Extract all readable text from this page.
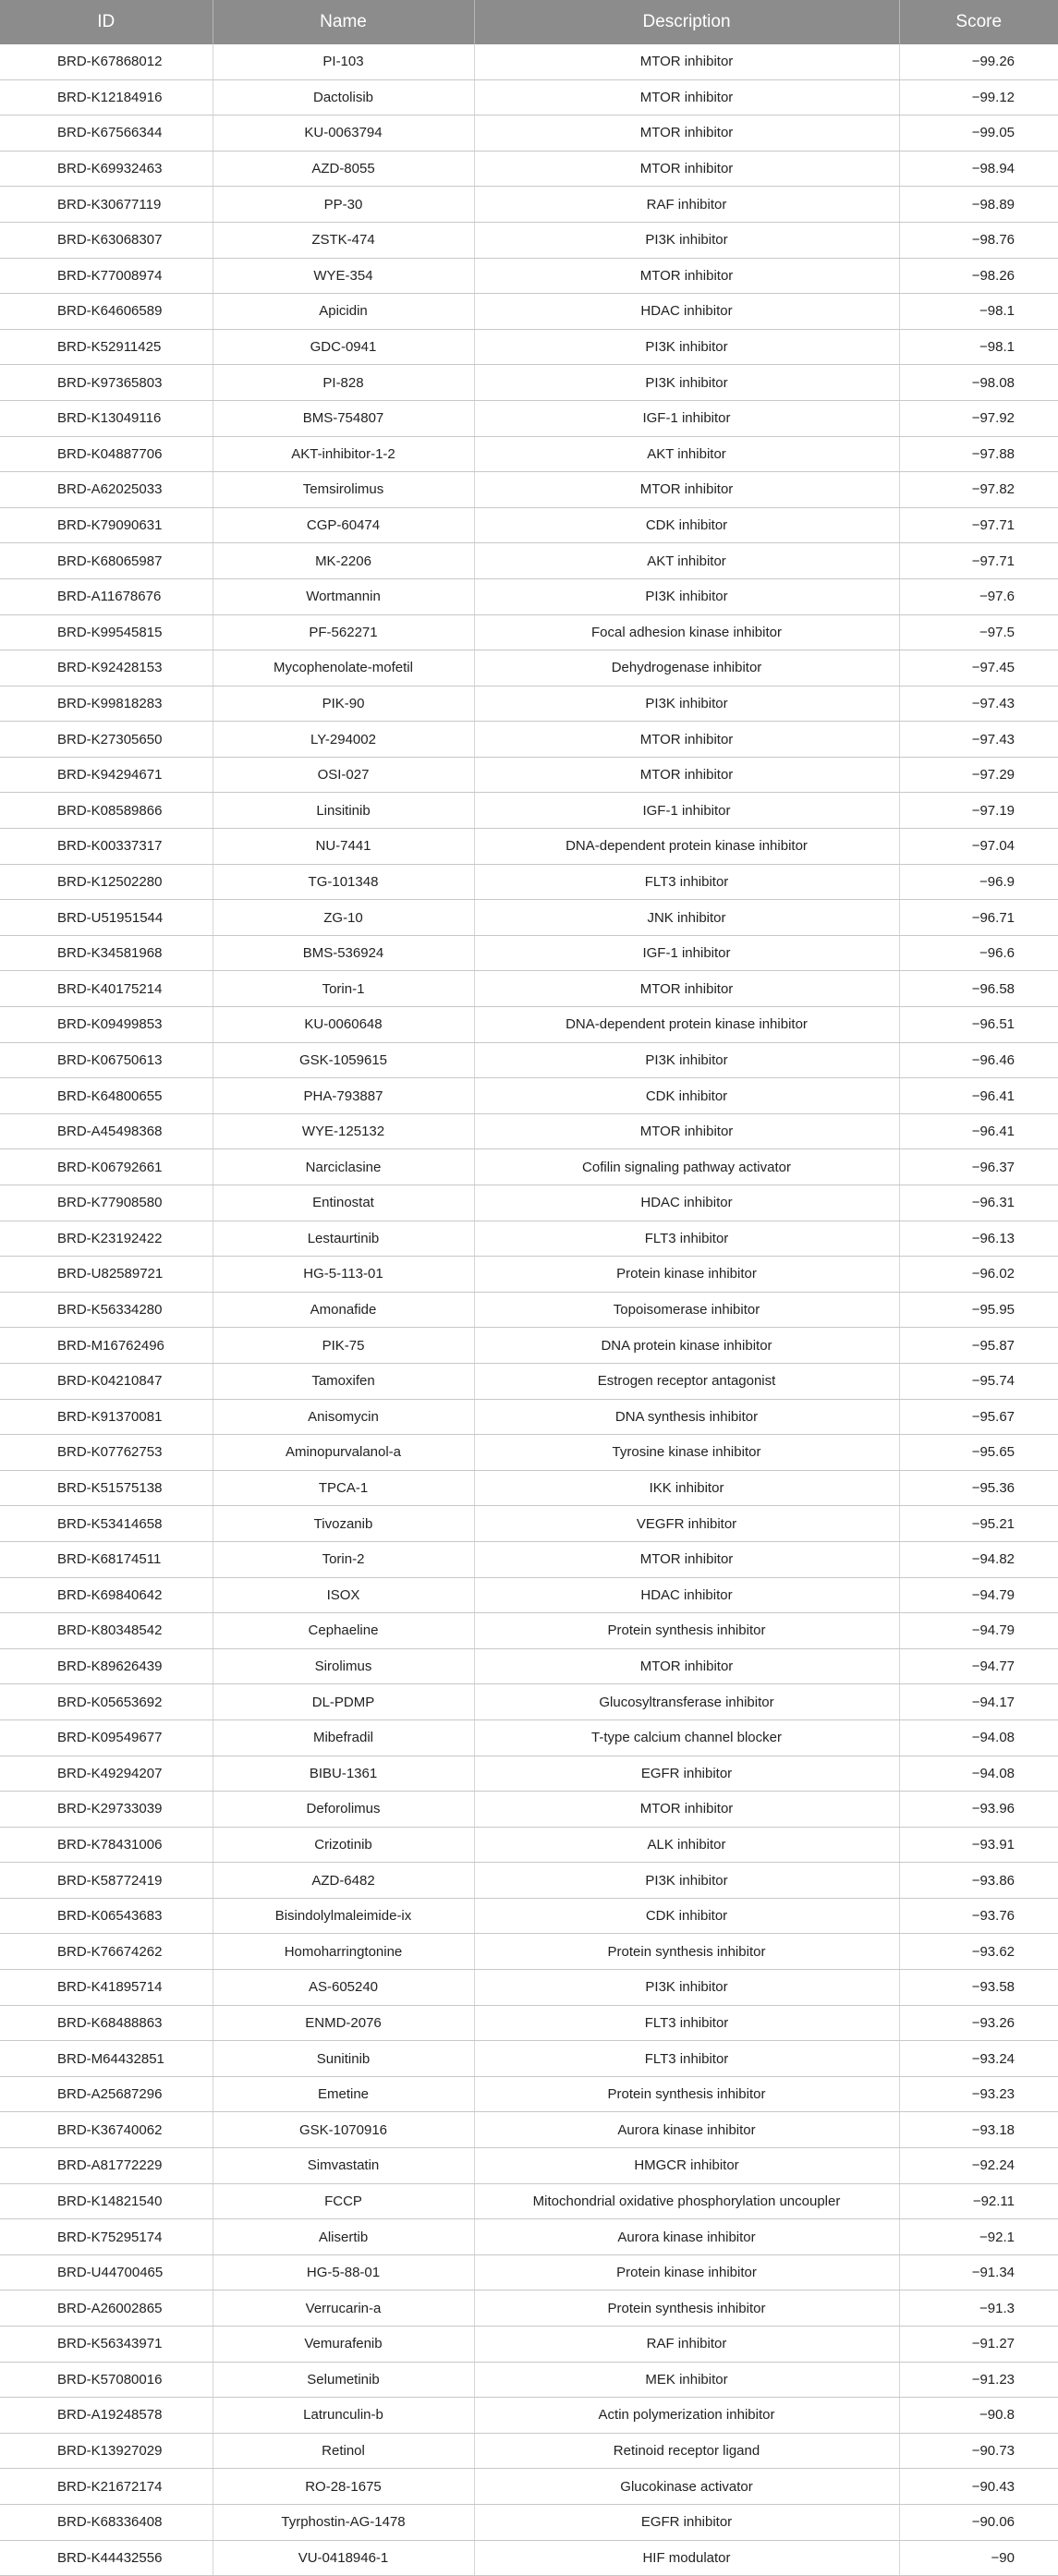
ID	Name	Description	Score
BRD-K67868012	PI-103	MTOR inhibitor	−99.26
BRD-K12184916	Dactolisib	MTOR inhibitor	−99.12
BRD-K67566344	KU-0063794	MTOR inhibitor	−99.05
BRD-K69932463	AZD-8055	MTOR inhibitor	−98.94
BRD-K30677119	PP-30	RAF inhibitor	−98.89
BRD-K63068307	ZSTK-474	PI3K inhibitor	−98.76
BRD-K77008974	WYE-354	MTOR inhibitor	−98.26
BRD-K64606589	Apicidin	HDAC inhibitor	−98.1
BRD-K52911425	GDC-0941	PI3K inhibitor	−98.1
BRD-K97365803	PI-828	PI3K inhibitor	−98.08
BRD-K13049116	BMS-754807	IGF-1 inhibitor	−97.92
BRD-K04887706	AKT-inhibitor-1-2	AKT inhibitor	−97.88
BRD-A62025033	Temsirolimus	MTOR inhibitor	−97.82
BRD-K79090631	CGP-60474	CDK inhibitor	−97.71
BRD-K68065987	MK-2206	AKT inhibitor	−97.71
BRD-A11678676	Wortmannin	PI3K inhibitor	−97.6
BRD-K99545815	PF-562271	Focal adhesion kinase inhibitor	−97.5
BRD-K92428153	Mycophenolate-mofetil	Dehydrogenase inhibitor	−97.45
BRD-K99818283	PIK-90	PI3K inhibitor	−97.43
BRD-K27305650	LY-294002	MTOR inhibitor	−97.43
BRD-K94294671	OSI-027	MTOR inhibitor	−97.29
BRD-K08589866	Linsitinib	IGF-1 inhibitor	−97.19
BRD-K00337317	NU-7441	DNA-dependent protein kinase inhibitor	−97.04
BRD-K12502280	TG-101348	FLT3 inhibitor	−96.9
BRD-U51951544	ZG-10	JNK inhibitor	−96.71
BRD-K34581968	BMS-536924	IGF-1 inhibitor	−96.6
BRD-K40175214	Torin-1	MTOR inhibitor	−96.58
BRD-K09499853	KU-0060648	DNA-dependent protein kinase inhibitor	−96.51
BRD-K06750613	GSK-1059615	PI3K inhibitor	−96.46
BRD-K64800655	PHA-793887	CDK inhibitor	−96.41
BRD-A45498368	WYE-125132	MTOR inhibitor	−96.41
BRD-K06792661	Narciclasine	Cofilin signaling pathway activator	−96.37
BRD-K77908580	Entinostat	HDAC inhibitor	−96.31
BRD-K23192422	Lestaurtinib	FLT3 inhibitor	−96.13
BRD-U82589721	HG-5-113-01	Protein kinase inhibitor	−96.02
BRD-K56334280	Amonafide	Topoisomerase inhibitor	−95.95
BRD-M16762496	PIK-75	DNA protein kinase inhibitor	−95.87
BRD-K04210847	Tamoxifen	Estrogen receptor antagonist	−95.74
BRD-K91370081	Anisomycin	DNA synthesis inhibitor	−95.67
BRD-K07762753	Aminopurvalanol-a	Tyrosine kinase inhibitor	−95.65
BRD-K51575138	TPCA-1	IKK inhibitor	−95.36
BRD-K53414658	Tivozanib	VEGFR inhibitor	−95.21
BRD-K68174511	Torin-2	MTOR inhibitor	−94.82
BRD-K69840642	ISOX	HDAC inhibitor	−94.79
BRD-K80348542	Cephaeline	Protein synthesis inhibitor	−94.79
BRD-K89626439	Sirolimus	MTOR inhibitor	−94.77
BRD-K05653692	DL-PDMP	Glucosyltransferase inhibitor	−94.17
BRD-K09549677	Mibefradil	T-type calcium channel blocker	−94.08
BRD-K49294207	BIBU-1361	EGFR inhibitor	−94.08
BRD-K29733039	Deforolimus	MTOR inhibitor	−93.96
BRD-K78431006	Crizotinib	ALK inhibitor	−93.91
BRD-K58772419	AZD-6482	PI3K inhibitor	−93.86
BRD-K06543683	Bisindolylmaleimide-ix	CDK inhibitor	−93.76
BRD-K76674262	Homoharringtonine	Protein synthesis inhibitor	−93.62
BRD-K41895714	AS-605240	PI3K inhibitor	−93.58
BRD-K68488863	ENMD-2076	FLT3 inhibitor	−93.26
BRD-M64432851	Sunitinib	FLT3 inhibitor	−93.24
BRD-A25687296	Emetine	Protein synthesis inhibitor	−93.23
BRD-K36740062	GSK-1070916	Aurora kinase inhibitor	−93.18
BRD-A81772229	Simvastatin	HMGCR inhibitor	−92.24
BRD-K14821540	FCCP	Mitochondrial oxidative phosphorylation uncoupler	−92.11
BRD-K75295174	Alisertib	Aurora kinase inhibitor	−92.1
BRD-U44700465	HG-5-88-01	Protein kinase inhibitor	−91.34
BRD-A26002865	Verrucarin-a	Protein synthesis inhibitor	−91.3
BRD-K56343971	Vemurafenib	RAF inhibitor	−91.27
BRD-K57080016	Selumetinib	MEK inhibitor	−91.23
BRD-A19248578	Latrunculin-b	Actin polymerization inhibitor	−90.8
BRD-K13927029	Retinol	Retinoid receptor ligand	−90.73
BRD-K21672174	RO-28-1675	Glucokinase activator	−90.43
BRD-K68336408	Tyrphostin-AG-1478	EGFR inhibitor	−90.06
BRD-K44432556	VU-0418946-1	HIF modulator	−90
